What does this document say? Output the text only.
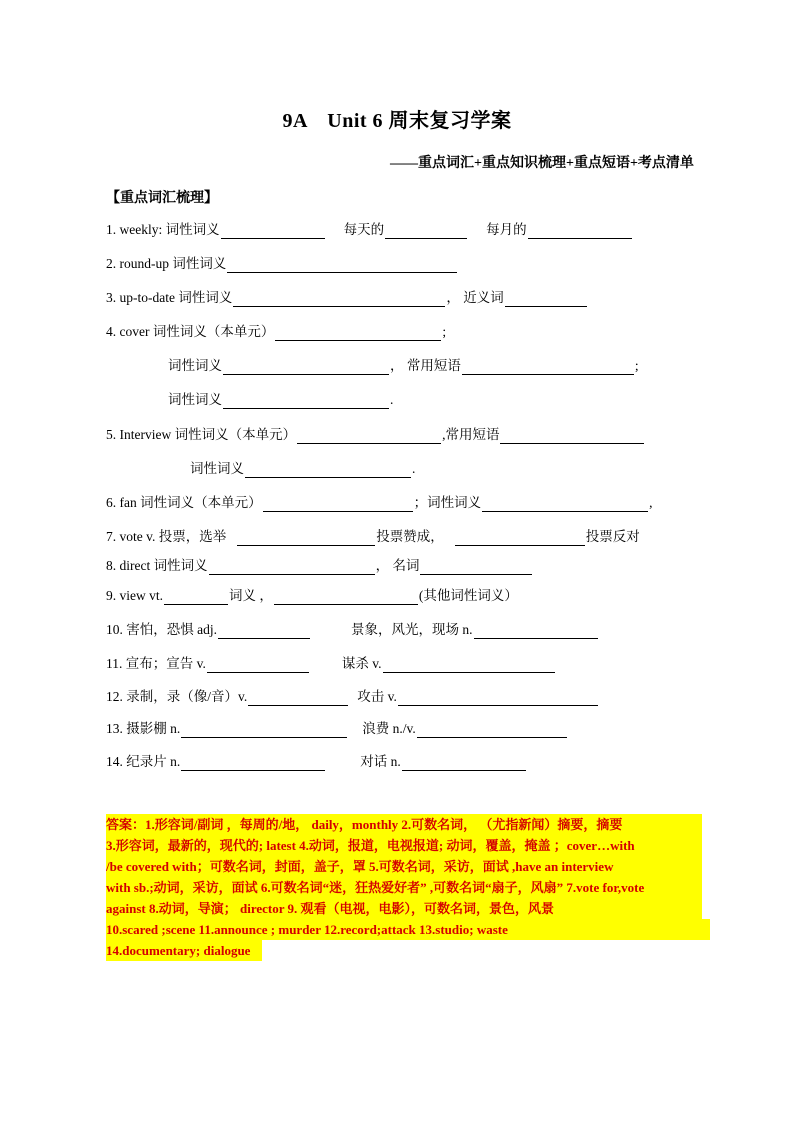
9A　Unit 6 周末复习学案
——重点词汇+重点知识梳理+重点短语+考点清单
【重点词汇梳理】
1. weekly: 词性词义	每天的	每月的
2. round-up 词性词义
3. up-to-date 词性词义	， 近义词
4. cover 词性词义（本单元）	;
词性词义	， 常用短语	;
词性词义	.
5. Interview 词性词义（本单元）	,常用短语
词性词义	.
6. fan 词性词义（本单元）	；词性词义	,
7. vote v. 投票，选举	投票赞成，	投票反对
8. direct 词性词义	， 名词
9. view vt.	词义 ，	(其他词性词义）
10. 害怕，恐惧 adj.	景象，风光，现场 n.
11. 宣布；宣告 v.	谋杀 v.
12. 录制，录（像/音）v.	攻击 v.
13. 摄影棚 n.	浪费 n./v.
14. 纪录片 n.	对话 n.
答案：1.形容词/副词 ，每周的/地， daily，monthly 2.可数名词， （尤指新闻）摘要，摘要
3.形容词，最新的，现代的; latest 4.动词，报道，电视报道; 动词，覆盖，掩盖 ；cover…with
/be covered with；可数名词，封面，盖子，罩 5.可数名词，采访，面试 ,have an interview
with sb.;动词，采访，面试 6.可数名词“迷，狂热爱好者” ,可数名词“扇子，风扇” 7.vote for,vote
against 8.动词，导演； director 9. 观看（电视，电影），可数名词，景色，风景
10.scared ;scene 11.announce ; murder 12.record;attack 13.studio; waste
14.documentary; dialogue
